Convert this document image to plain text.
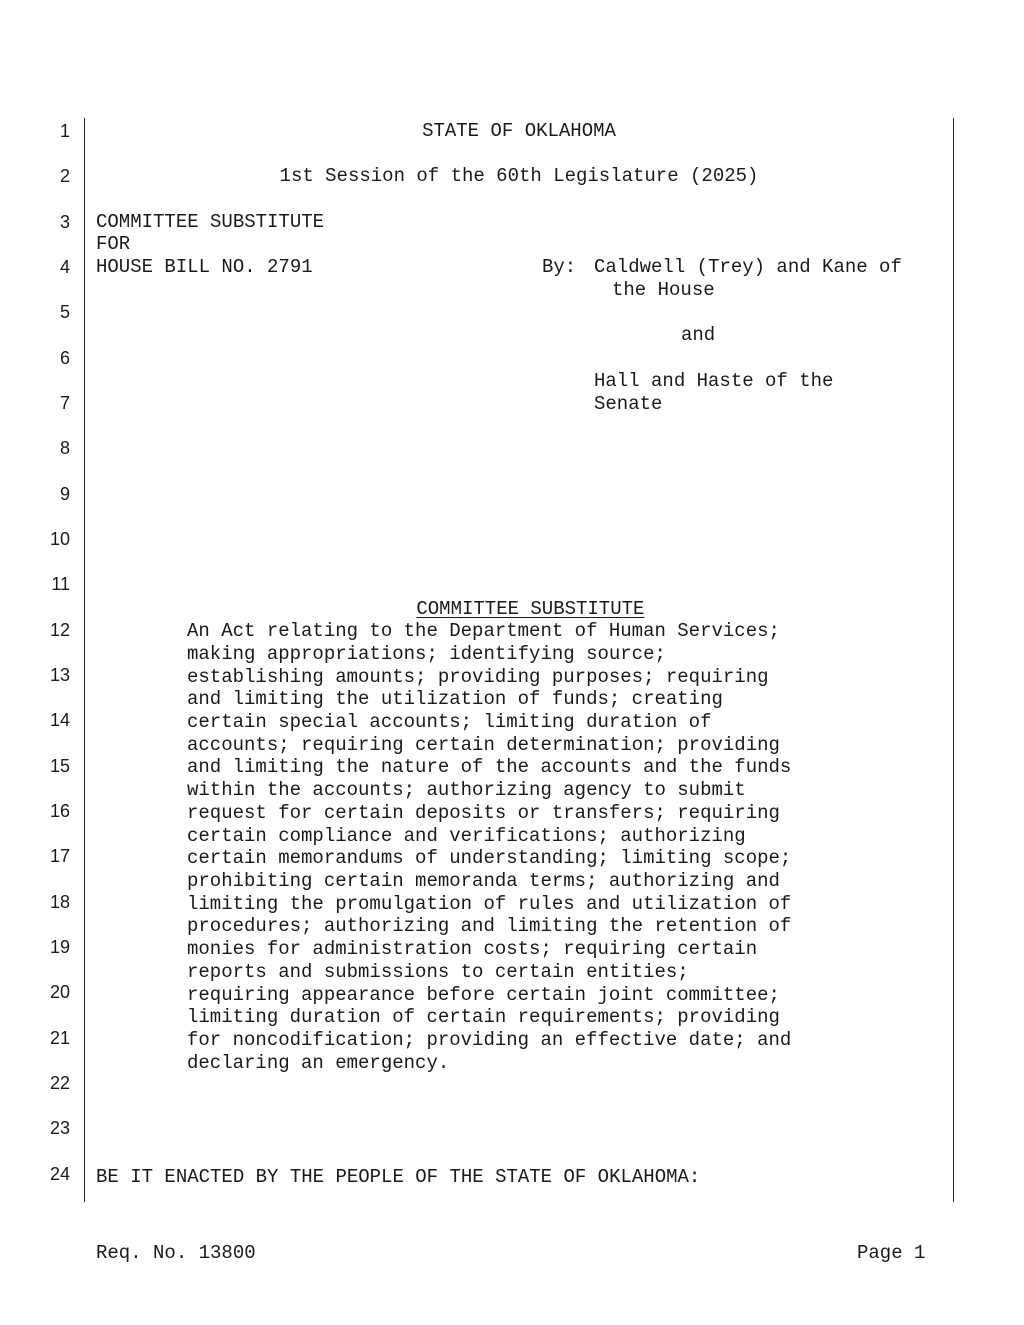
1
2
3
4
5
6
7
8
9
10
11
12
13
14
15
16
17
18
19
20
21
22
23
24
STATE OF OKLAHOMA
1st Session of the 60th Legislature (2025)
COMMITTEE SUBSTITUTE
FOR
HOUSE BILL NO. 2791	By: Caldwell (Trey) and Kane of
the House
and
Hall and Haste of the
Senate

COMMITTEE SUBSTITUTE

An Act relating to the Department of Human Services;
making appropriations; identifying source;
establishing amounts; providing purposes; requiring
and limiting the utilization of funds; creating
certain special accounts; limiting duration of
accounts; requiring certain determination; providing
and limiting the nature of the accounts and the funds
within the accounts; authorizing agency to submit
request for certain deposits or transfers; requiring
certain compliance and verifications; authorizing
certain memorandums of understanding; limiting scope;
prohibiting certain memoranda terms; authorizing and
limiting the promulgation of rules and utilization of
procedures; authorizing and limiting the retention of
monies for administration costs; requiring certain
reports and submissions to certain entities;
requiring appearance before certain joint committee;
limiting duration of certain requirements; providing
for noncodification; providing an effective date; and
declaring an emergency.
BE IT ENACTED BY THE PEOPLE OF THE STATE OF OKLAHOMA:
Req. No. 13800	Page 1
